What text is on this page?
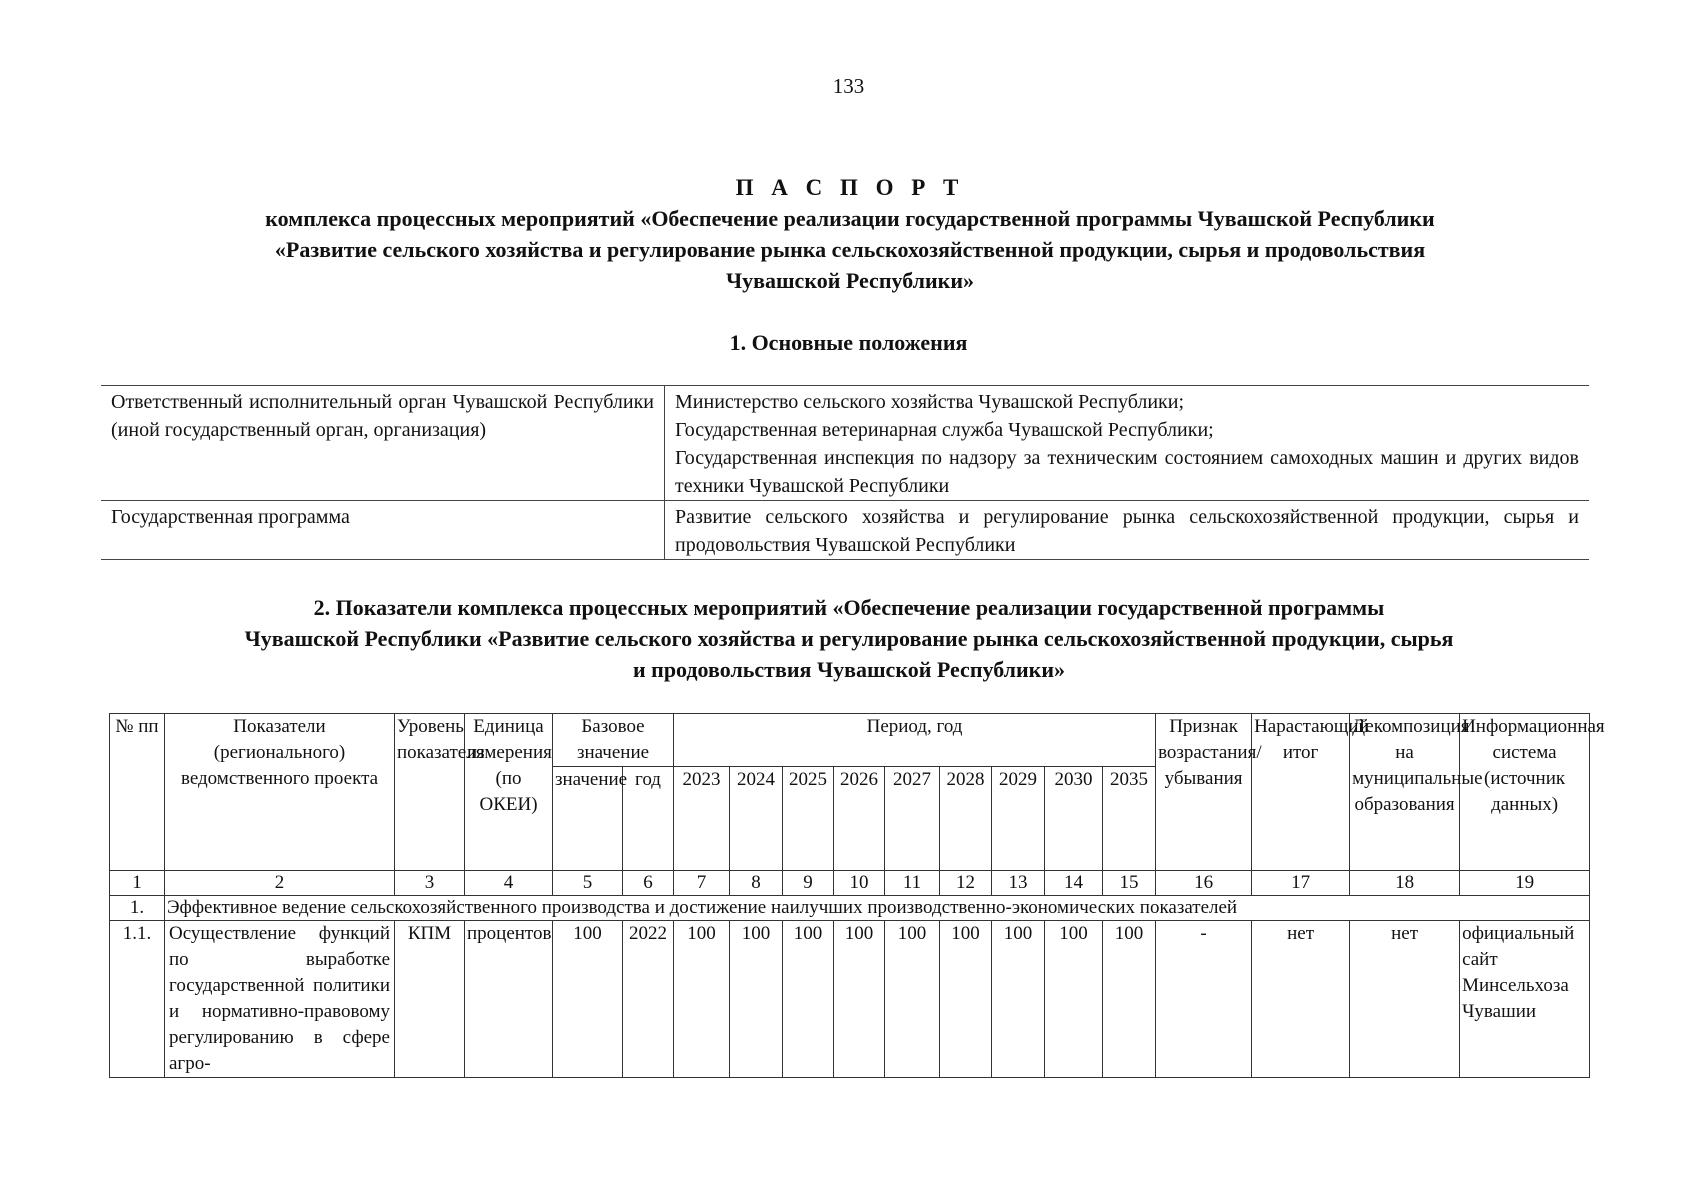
133
П А С П О Р Т
комплекса процессных мероприятий «Обеспечение реализации государственной программы Чувашской Республики
«Развитие сельского хозяйства и регулирование рынка сельскохозяйственной продукции, сырья и продовольствия
Чувашской Республики»
1. Основные положения
Ответственный исполнительный орган Чувашской Республики (иной государственный орган, организация)	Министерство сельского хозяйства Чувашской Республики;
Государственная ветеринарная служба Чувашской Республики;
Государственная инспекция по надзору за техническим состоянием самоходных машин и других видов техники Чувашской Республики

Государственная программа	Развитие сельского хозяйства и регулирование рынка сельскохозяйственной продукции, сырья и продовольствия Чувашской Республики
2. Показатели комплекса процессных мероприятий «Обеспечение реализации государственной программы
Чувашской Республики «Развитие сельского хозяйства и регулирование рынка сельскохозяйственной продукции, сырья
и продовольствия Чувашской Республики»
№ пп	Показатели (регионального) ведомственного проекта	Уровень показателя	Единица измерения (по ОКЕИ)	Базовое значение		Период, год									Признак возрастания/ убывания	Нарастающий итог	Декомпозиция на муниципальные образования	Информационная система (источник данных)
				значение	год	2023	2024	2025	2026	2027	2028	2029	2030	2035				
1	2	3	4	5	6	7	8	9	10	11	12	13	14	15	16	17	18	19
1.	Эффективное ведение сельскохозяйственного производства и достижение наилучших производственно-экономических показателей																	
1.1.	Осуществление функций по выработке государственной политики и нормативно-правовому регулированию в сфере агро-	КПМ	процентов	100	2022	100	100	100	100	100	100	100	100	100	-	нет	нет	официальный сайт Минсельхоза Чувашии
